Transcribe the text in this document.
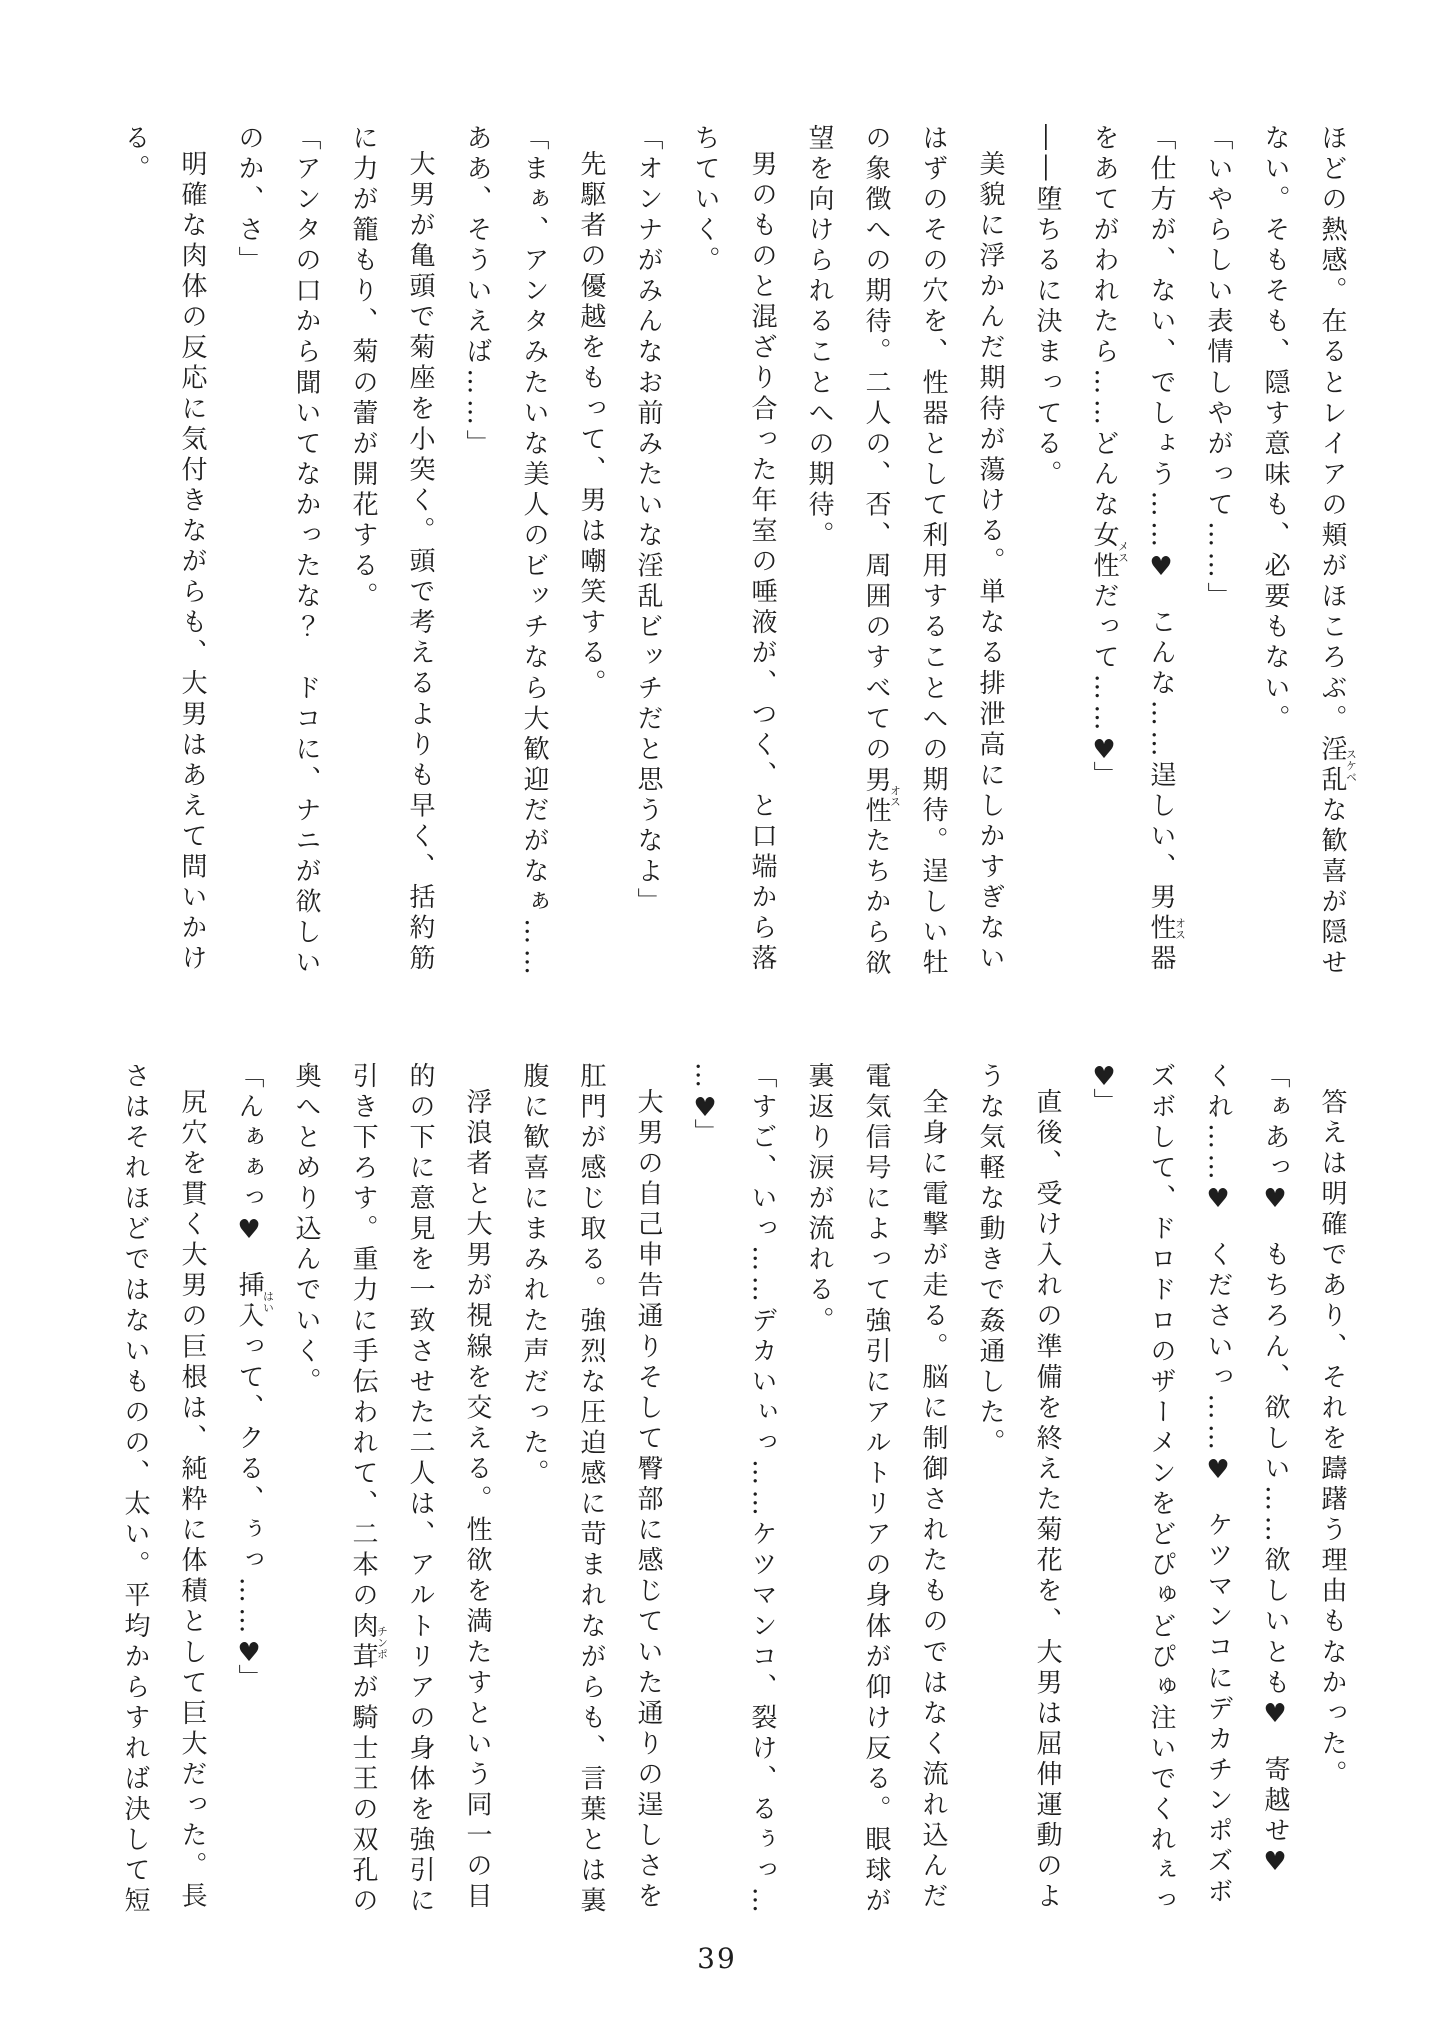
ほどの熱感。在るとレイアの頬がほころぶ。淫乱スケベな歓喜が隠せない。そもそも、隠す意味も、必要もない。

「いやらしい表情しやがって……」

「仕方が、ない、でしょう……♥　こんな……逞しい、男性器オスをあてがわれたら……どんな女性メスだって……♥」

――堕ちるに決まってる。

美貌に浮かんだ期待が蕩ける。単なる排泄高にしかすぎないはずのその穴を、性器として利用することへの期待。逞しい牡の象徴への期待。二人の、否、周囲のすべての男性オスたちから欲望を向けられることへの期待。

男のものと混ざり合った年室の唾液が、つく、と口端から落ちていく。

「オンナがみんなお前みたいな淫乱ビッチだと思うなよ」

先駆者の優越をもって、男は嘲笑する。

「まぁ、アンタみたいな美人のビッチなら大歓迎だがなぁ……ああ、そういえば……」

大男が亀頭で菊座を小突く。頭で考えるよりも早く、括約筋に力が籠もり、菊の蕾が開花する。

「アンタの口から聞いてなかったな？　ドコに、ナニが欲しいのか、さ」

明確な肉体の反応に気付きながらも、大男はあえて問いかける。

答えは明確であり、それを躊躇う理由もなかった。

「ぁあっ♥　もちろん、欲しい……欲しいとも♥　寄越せ♥　くれ……♥　くださいっ……♥　ケツマンコにデカチンポズボズボして、ドロドロのザーメンをどぴゅどぴゅ注いでくれぇっ♥」

直後、受け入れの準備を終えた菊花を、大男は屈伸運動のような気軽な動きで姦通した。

全身に電撃が走る。脳に制御されたものではなく流れ込んだ電気信号によって強引にアルトリアの身体が仰け反る。眼球が裏返り涙が流れる。

「すご、いっ……デカいぃっ……ケツマンコ、裂け、るぅっ……♥」

大男の自己申告通りそして臀部に感じていた通りの逞しさを肛門が感じ取る。強烈な圧迫感に苛まれながらも、言葉とは裏腹に歓喜にまみれた声だった。

浮浪者と大男が視線を交える。性欲を満たすという同一の目的の下に意見を一致させた二人は、アルトリアの身体を強引に引き下ろす。重力に手伝われて、二本の肉茸チンポが騎士王の双孔の奥へとめり込んでいく。

「んぁぁっ♥　挿入はいって、クる、ぅっ……♥」

尻穴を貫く大男の巨根は、純粋に体積として巨大だった。長さはそれほどではないものの、太い。平均からすれば決して短

39
